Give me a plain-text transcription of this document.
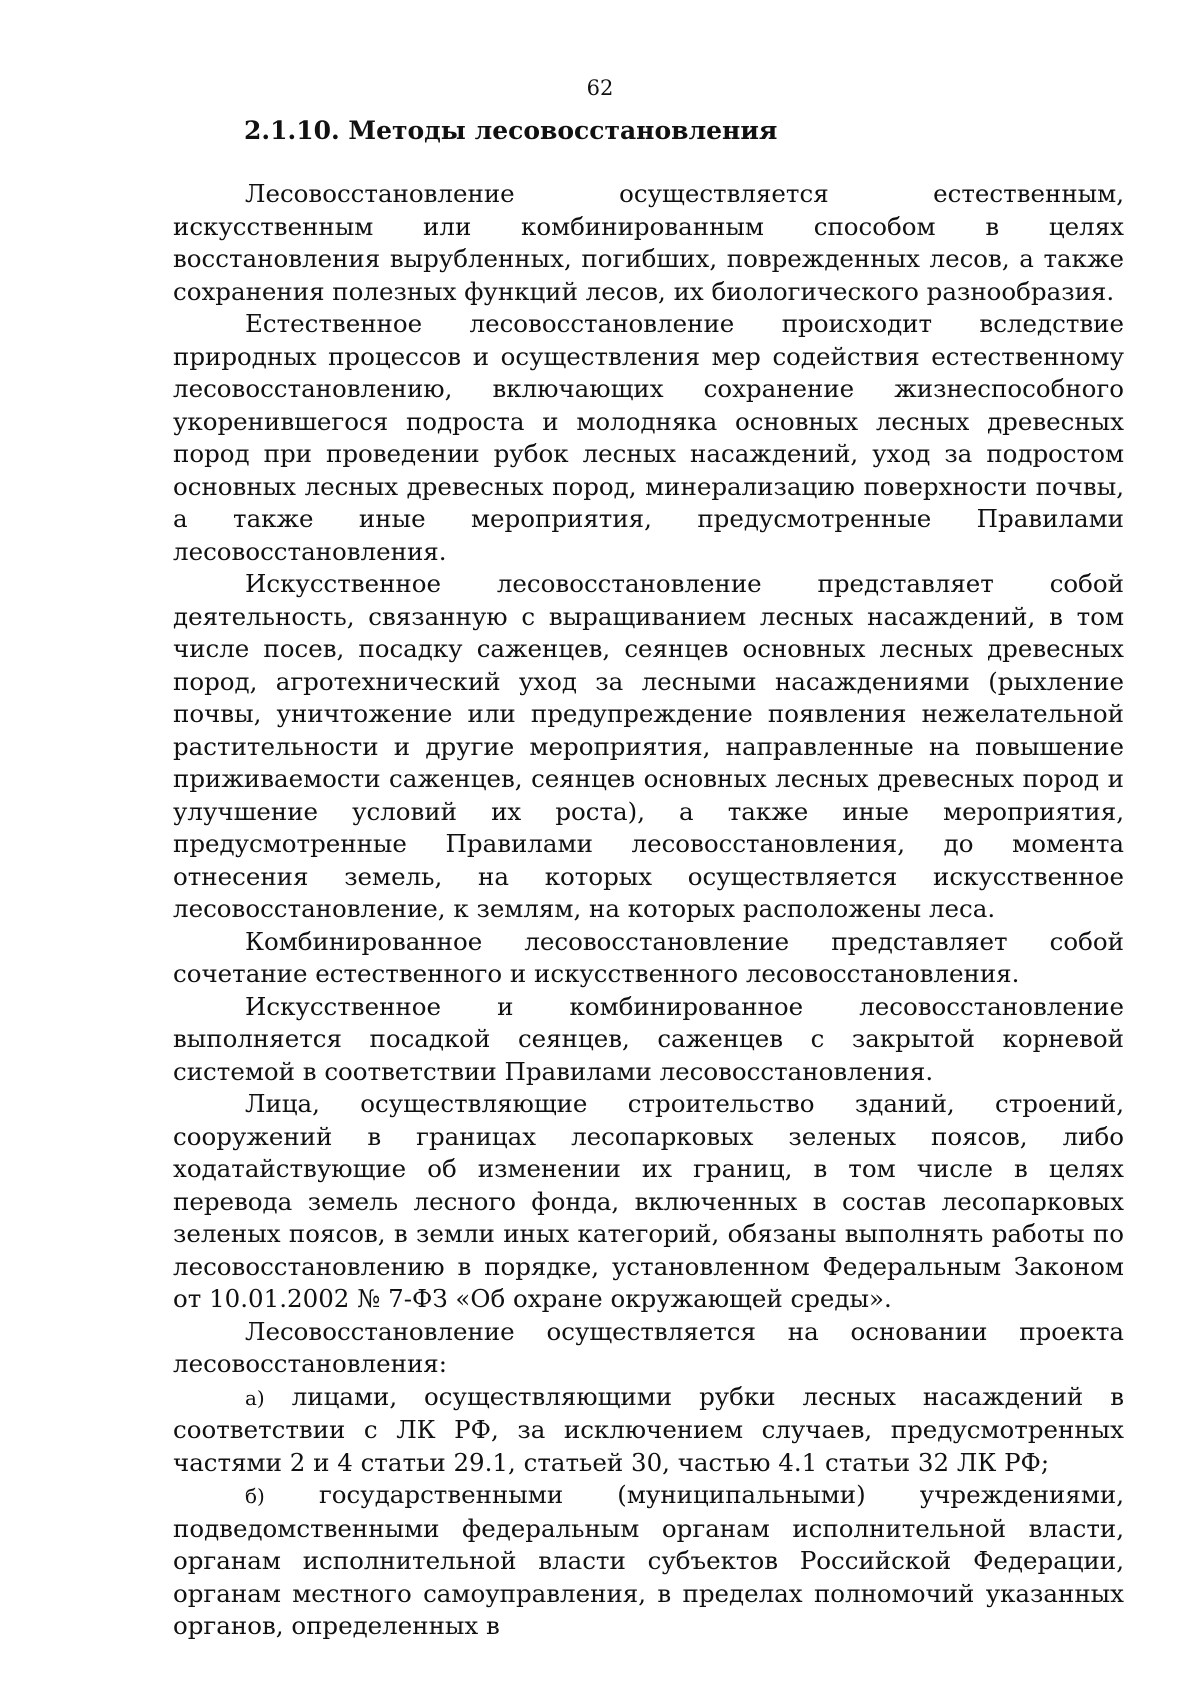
62
2.1.10. Методы лесовосстановления

Лесовосстановление осуществляется естественным, искусственным или комбинированным способом в целях восстановления вырубленных, погибших, поврежденных лесов, а также сохранения полезных функций лесов, их биологического разнообразия.

Естественное лесовосстановление происходит вследствие природных процессов и осуществления мер содействия естественному лесовосстановлению, включающих сохранение жизнеспособного укоренившегося подроста и молодняка основных лесных древесных пород при проведении рубок лесных насаждений, уход за подростом основных лесных древесных пород, минерализацию поверхности почвы, а также иные мероприятия, предусмотренные Правилами лесовосстановления.

Искусственное лесовосстановление представляет собой деятельность, связанную с выращиванием лесных насаждений, в том числе посев, посадку саженцев, сеянцев основных лесных древесных пород, агротехнический уход за лесными насаждениями (рыхление почвы, уничтожение или предупреждение появления нежелательной растительности и другие мероприятия, направленные на повышение приживаемости саженцев, сеянцев основных лесных древесных пород и улучшение условий их роста), а также иные мероприятия, предусмотренные Правилами лесовосстановления, до момента отнесения земель, на которых осуществляется искусственное лесовосстановление, к землям, на которых расположены леса.

Комбинированное лесовосстановление представляет собой сочетание естественного и искусственного лесовосстановления.

Искусственное и комбинированное лесовосстановление выполняется посадкой сеянцев, саженцев с закрытой корневой системой в соответствии Правилами лесовосстановления.

Лица, осуществляющие строительство зданий, строений, сооружений в границах лесопарковых зеленых поясов, либо ходатайствующие об изменении их границ, в том числе в целях перевода земель лесного фонда, включенных в состав лесопарковых зеленых поясов, в земли иных категорий, обязаны выполнять работы по лесовосстановлению в порядке, установленном Федеральным Законом от 10.01.2002 № 7-ФЗ «Об охране окружающей среды».

Лесовосстановление осуществляется на основании проекта лесовосстановления:

а) лицами, осуществляющими рубки лесных насаждений в соответствии с ЛК РФ, за исключением случаев, предусмотренных частями 2 и 4 статьи 29.1, статьей 30, частью 4.1 статьи 32 ЛК РФ;

б) государственными (муниципальными) учреждениями, подведомственными федеральным органам исполнительной власти, органам исполнительной власти субъектов Российской Федерации, органам местного самоуправления, в пределах полномочий указанных органов, определенных в
